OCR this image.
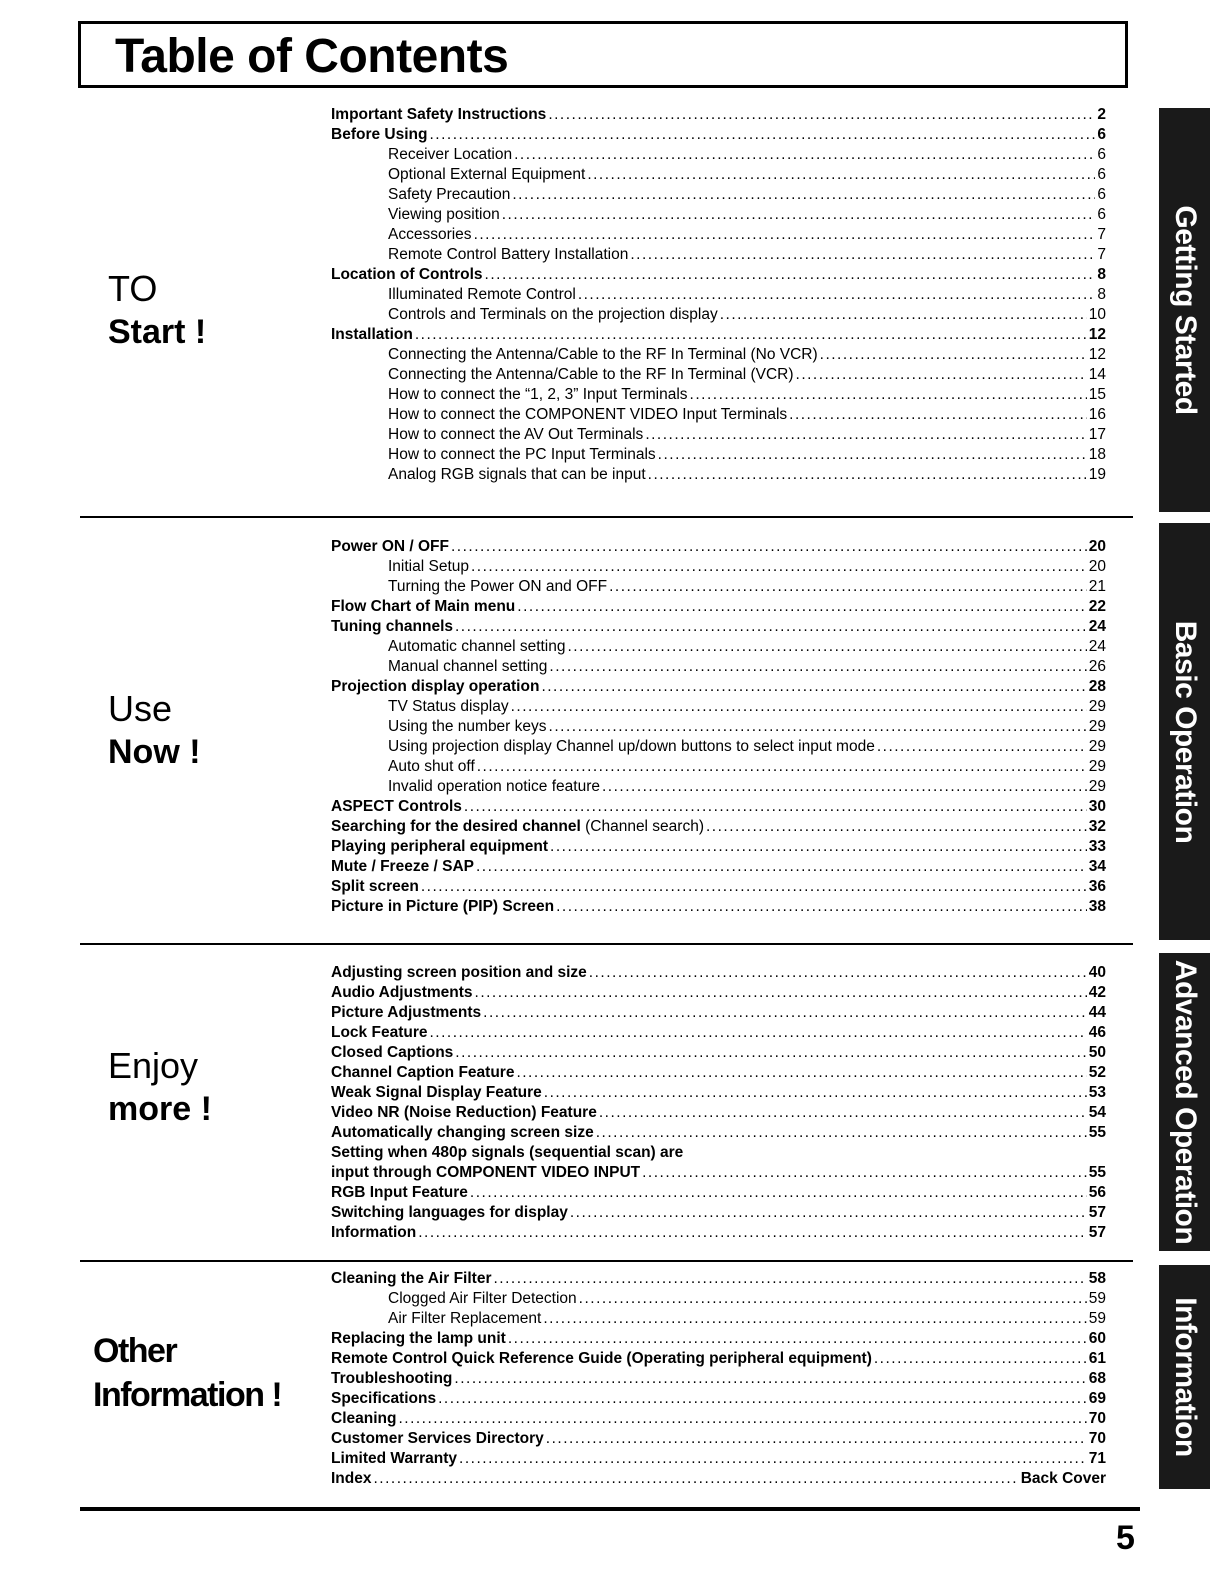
Table of Contents
TO
Start !
Important Safety Instructions .....	2
Before Using .....	6
Receiver Location .....	6
Optional External Equipment .....	6
Safety Precaution .....	6
Viewing position .....	6
Accessories .....	7
Remote Control Battery Installation .....	7
Location of Controls .....	8
Illuminated Remote Control .....	8
Controls and Terminals on the projection display .....	10
Installation .....	12
Connecting the Antenna/Cable to the RF In Terminal (No VCR) .....	12
Connecting the Antenna/Cable to the RF In Terminal (VCR) .....	14
How to connect the “1, 2, 3” Input Terminals .....	15
How to connect the COMPONENT VIDEO Input Terminals .....	16
How to connect the AV Out Terminals .....	17
How to connect the PC Input Terminals .....	18
Analog RGB signals that can be input .....	19
Use
Now !
Power ON / OFF .....	20
Initial Setup .....	20
Turning the Power ON and OFF .....	21
Flow Chart of Main menu .....	22
Tuning channels .....	24
Automatic channel setting .....	24
Manual channel setting .....	26
Projection display operation .....	28
TV Status display .....	29
Using the number keys .....	29
Using projection display Channel up/down buttons to select input mode .....	29
Auto shut off .....	29
Invalid operation notice feature .....	29
ASPECT Controls .....	30
Searching for the desired channel (Channel search) .....	32
Playing peripheral equipment .....	33
Mute / Freeze / SAP .....	34
Split screen .....	36
Picture in Picture (PIP) Screen .....	38
Enjoy
more !
Adjusting screen position and size .....	40
Audio Adjustments .....	42
Picture Adjustments .....	44
Lock Feature .....	46
Closed Captions .....	50
Channel Caption Feature .....	52
Weak Signal Display Feature .....	53
Video NR (Noise Reduction) Feature .....	54
Automatically changing screen size .....	55
Setting when 480p signals (sequential scan) are
input through COMPONENT VIDEO INPUT .....	55
RGB Input Feature .....	56
Switching languages for display .....	57
Information .....	57
Other
Information !
Cleaning the Air Filter .....	58
Clogged Air Filter Detection .....	59
Air Filter Replacement .....	59
Replacing the lamp unit .....	60
Remote Control Quick Reference Guide (Operating peripheral equipment) .....	61
Troubleshooting .....	68
Specifications .....	69
Cleaning .....	70
Customer Services Directory .....	70
Limited Warranty .....	71
Index .....	Back Cover
Getting Started
Basic Operation
Advanced Operation
Information
5
